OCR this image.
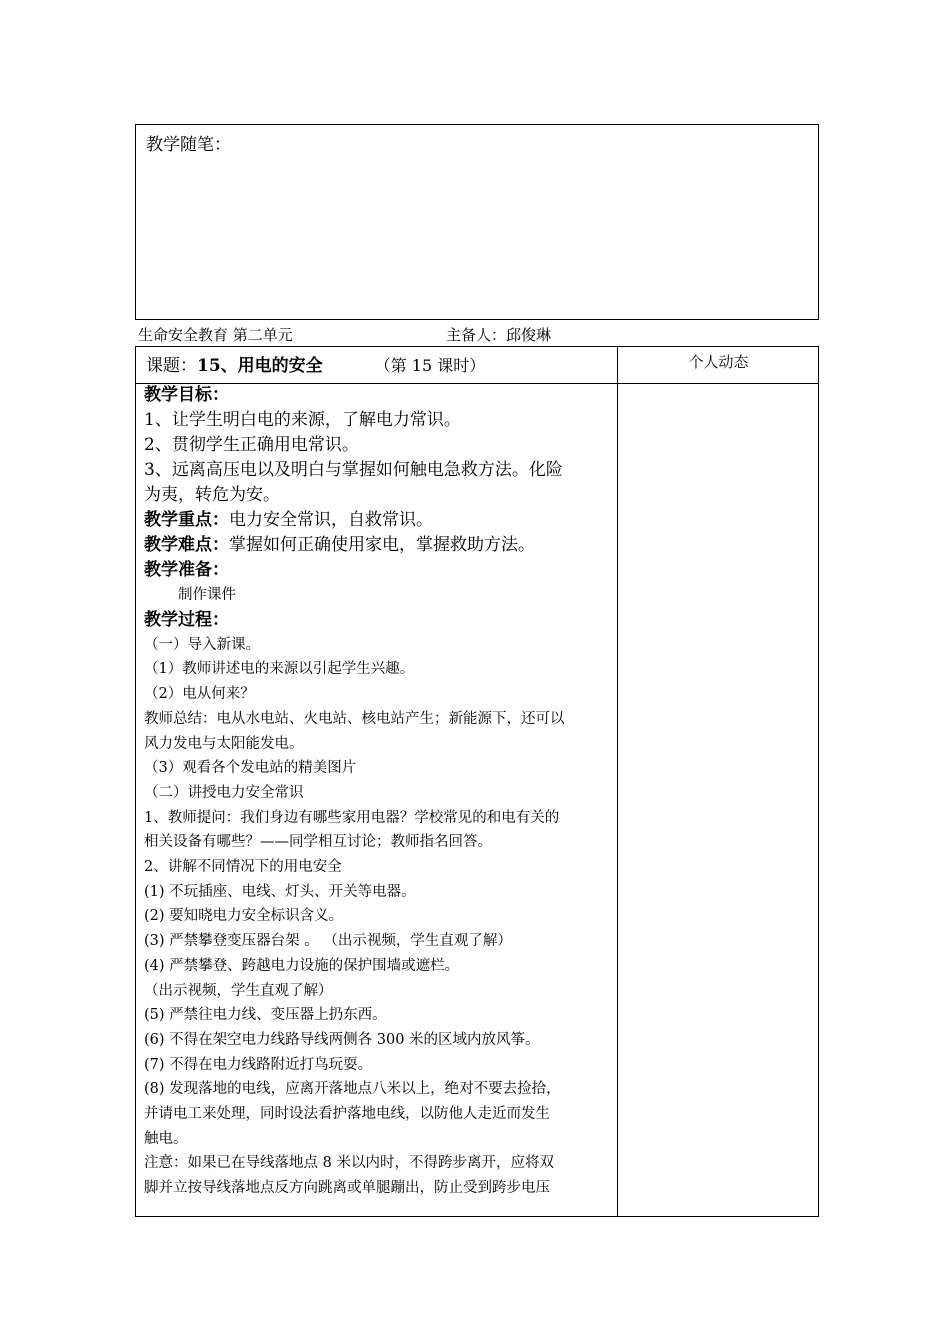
教学随笔：
生命安全教育 第二单元	主备人：邱俊琳
课题：15、用电的安全	（第 15 课时）	个人动态
教学目标：
1、让学生明白电的来源，了解电力常识。
2、贯彻学生正确用电常识。
3、远离高压电以及明白与掌握如何触电急救方法。化险
为夷，转危为安。
教学重点：电力安全常识，自救常识。
教学难点：掌握如何正确使用家电，掌握救助方法。
教学准备：
制作课件
教学过程：
（一）导入新课。
（1）教师讲述电的来源以引起学生兴趣。
（2）电从何来？
教师总结：电从水电站、火电站、核电站产生；新能源下，还可以
风力发电与太阳能发电。
（3）观看各个发电站的精美图片
（二）讲授电力安全常识
1、教师提问：我们身边有哪些家用电器？学校常见的和电有关的
相关设备有哪些？——同学相互讨论；教师指名回答。
2、讲解不同情况下的用电安全
(1) 不玩插座、电线、灯头、开关等电器。
(2) 要知晓电力安全标识含义。
(3) 严禁攀登变压器台架 。 （出示视频，学生直观了解）
(4) 严禁攀登、跨越电力设施的保护围墙或遮栏。
（出示视频，学生直观了解）
(5) 严禁往电力线、变压器上扔东西。
(6) 不得在架空电力线路导线两侧各 300 米的区域内放风筝。
(7) 不得在电力线路附近打鸟玩耍。
(8) 发现落地的电线，应离开落地点八米以上，绝对不要去捡拾，
并请电工来处理，同时设法看护落地电线，以防他人走近而发生
触电。
注意：如果已在导线落地点 8 米以内时，不得跨步离开，应将双
脚并立按导线落地点反方向跳离或单腿蹦出，防止受到跨步电压
